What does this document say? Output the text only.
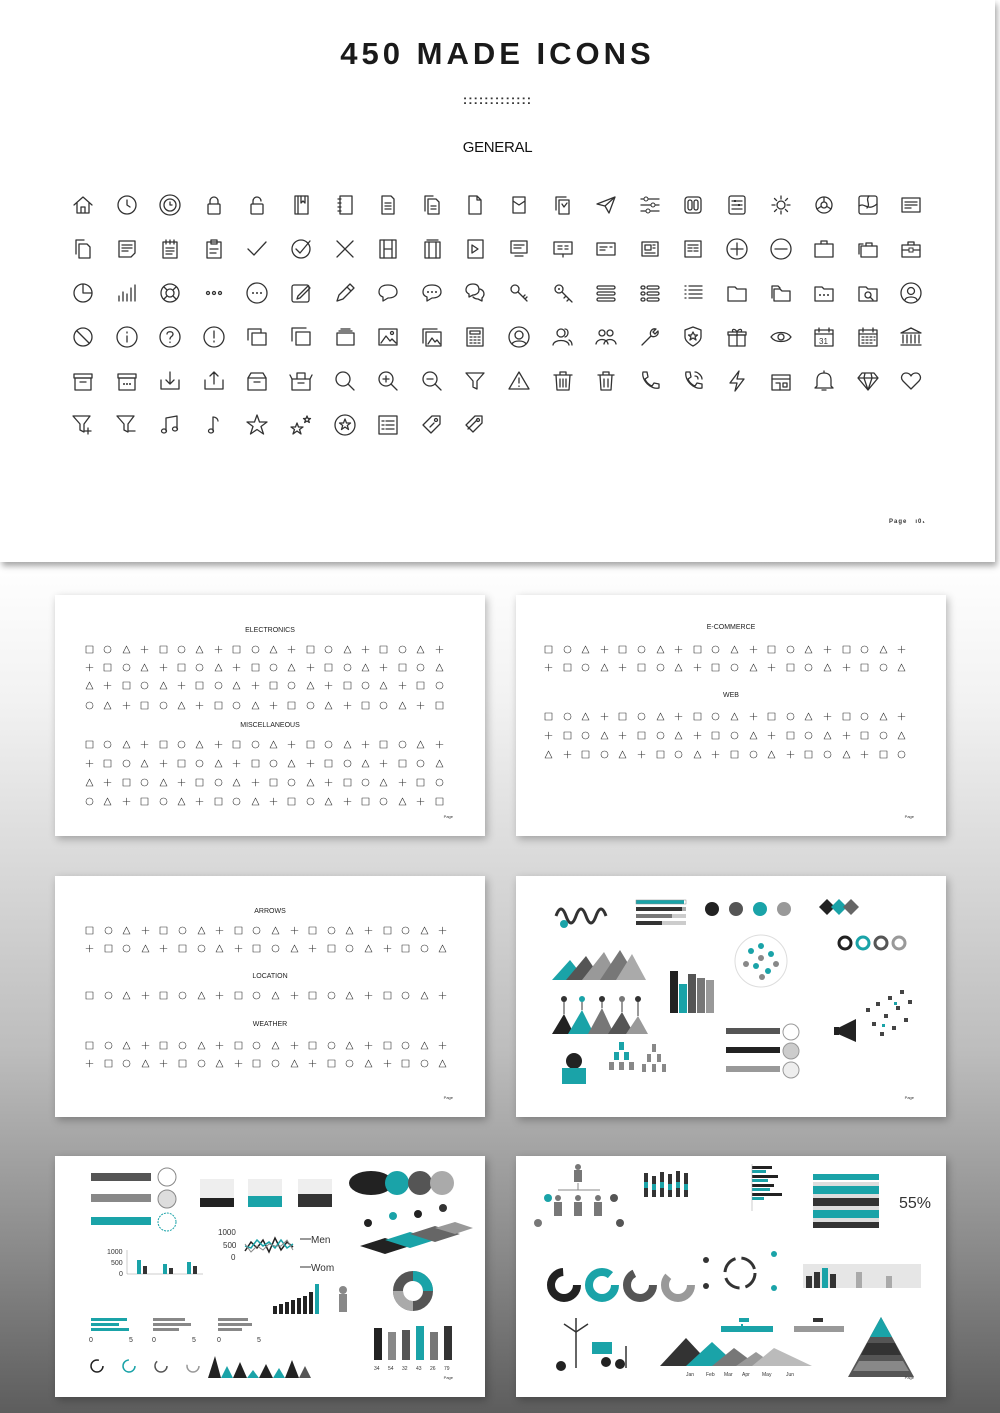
450 MADE ICONS
:::::::::::::
GENERAL
31
Page   ı0₁
ELECTRONICS
MISCELLANEOUS
Page
E-COMMERCE
WEB
Page
ARROWS
LOCATION
WEATHER
Page	Page
1000
500
0
1000
500
0
Men
Wom
0	5	0	5	0	5
34 54 32 43 26 79
Page
55%
Jan Feb Mar Apr May	Jun	Page
